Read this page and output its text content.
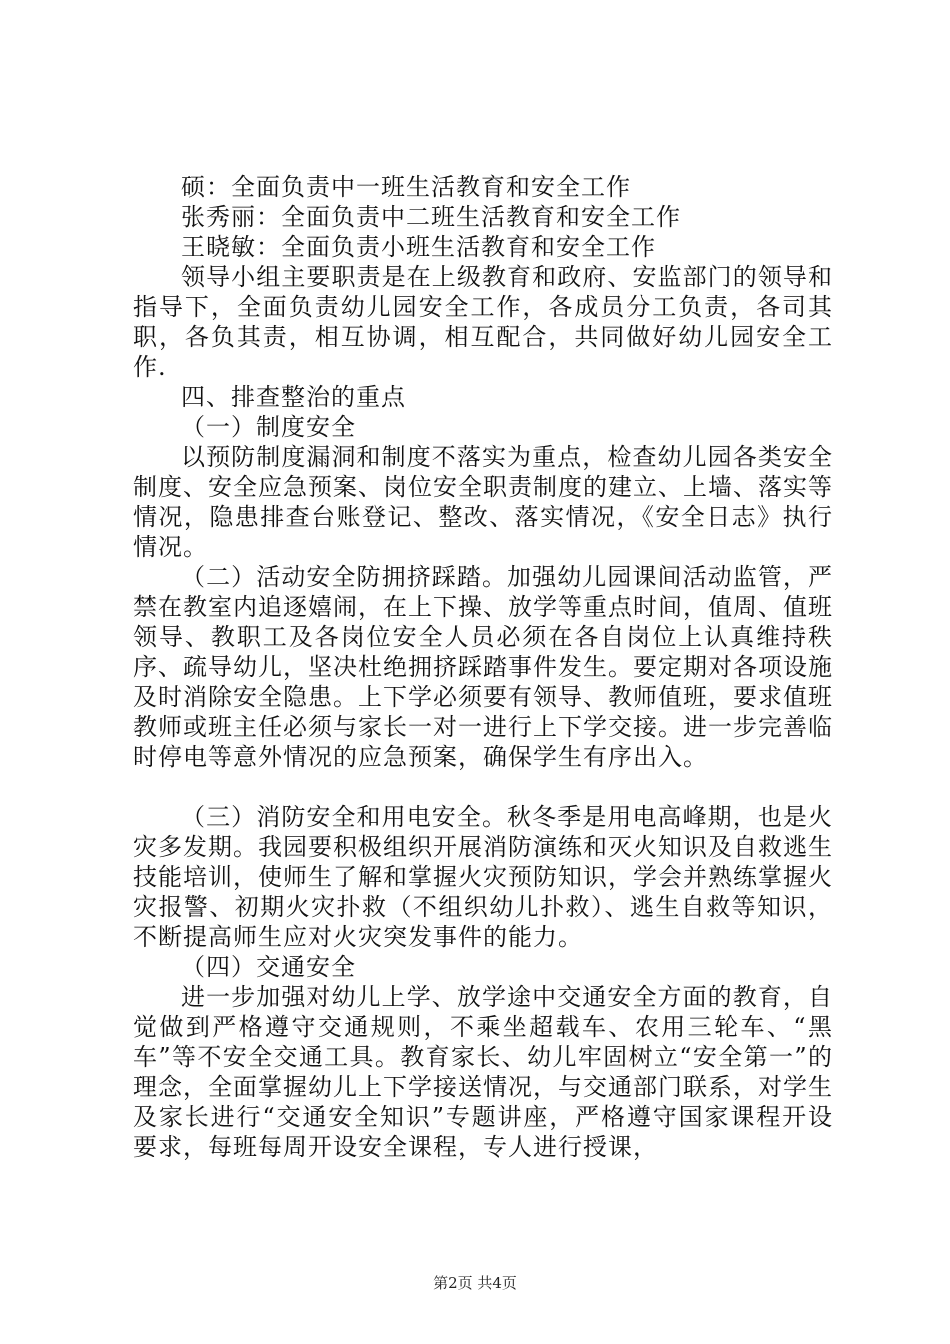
硕：全面负责中一班生活教育和安全工作

张秀丽：全面负责中二班生活教育和安全工作

王晓敏：全面负责小班生活教育和安全工作

领导小组主要职责是在上级教育和政府、安监部门的领导和指导下，全面负责幼儿园安全工作，各成员分工负责，各司其职，各负其责，相互协调，相互配合，共同做好幼儿园安全工作.

四、排查整治的重点

（一）制度安全

以预防制度漏洞和制度不落实为重点，检查幼儿园各类安全制度、安全应急预案、岗位安全职责制度的建立、上墙、落实等情况，隐患排查台账登记、整改、落实情况，《安全日志》执行情况。

（二）活动安全防拥挤踩踏。加强幼儿园课间活动监管，严禁在教室内追逐嬉闹，在上下操、放学等重点时间，值周、值班领导、教职工及各岗位安全人员必须在各自岗位上认真维持秩序、疏导幼儿，坚决杜绝拥挤踩踏事件发生。要定期对各项设施及时消除安全隐患。上下学必须要有领导、教师值班，要求值班教师或班主任必须与家长一对一进行上下学交接。进一步完善临时停电等意外情况的应急预案，确保学生有序出入。

（三）消防安全和用电安全。秋冬季是用电高峰期，也是火灾多发期。我园要积极组织开展消防演练和灭火知识及自救逃生技能培训，使师生了解和掌握火灾预防知识，学会并熟练掌握火灾报警、初期火灾扑救（不组织幼儿扑救）、逃生自救等知识，不断提高师生应对火灾突发事件的能力。

（四）交通安全

进一步加强对幼儿上学、放学途中交通安全方面的教育，自觉做到严格遵守交通规则，不乘坐超载车、农用三轮车、“黑车”等不安全交通工具。教育家长、幼儿牢固树立“安全第一”的理念，全面掌握幼儿上下学接送情况，与交通部门联系，对学生及家长进行“交通安全知识”专题讲座，严格遵守国家课程开设要求，每班每周开设安全课程，专人进行授课，

第2页 共4页
